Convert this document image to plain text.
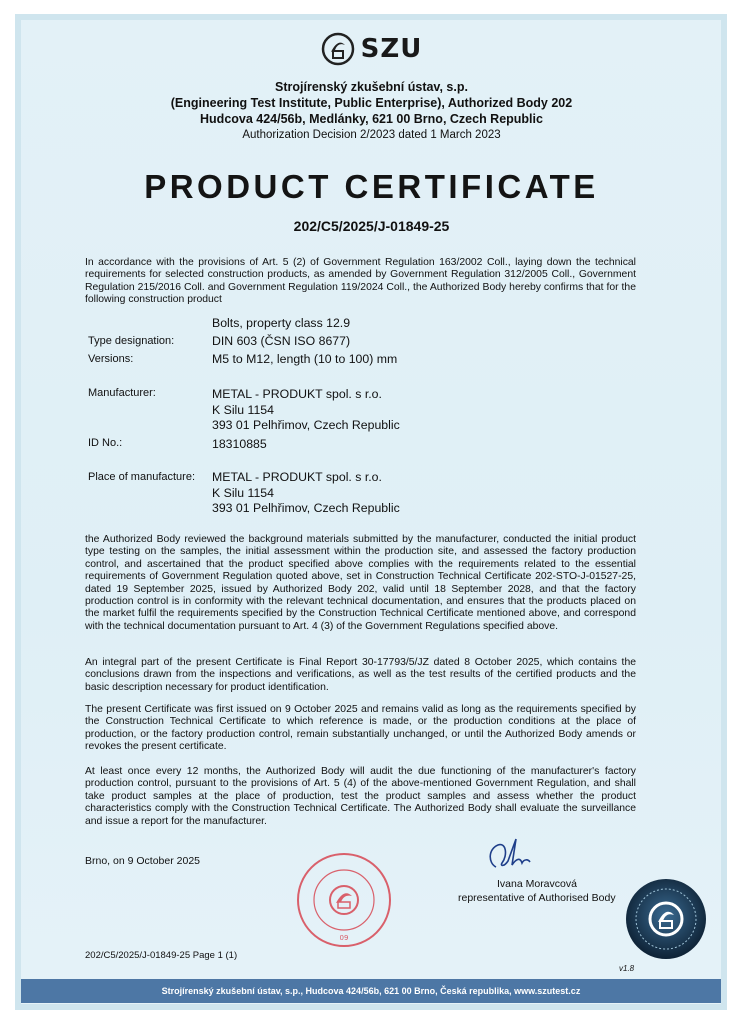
SZU
Strojírenský zkušební ústav, s.p.
(Engineering Test Institute, Public Enterprise), Authorized Body 202
Hudcova 424/56b, Medlánky, 621 00 Brno, Czech Republic
Authorization Decision 2/2023 dated 1 March 2023
PRODUCT CERTIFICATE
202/C5/2025/J-01849-25
In accordance with the provisions of Art. 5 (2) of Government Regulation 163/2002 Coll., laying down the technical requirements for selected construction products, as amended by Government Regulation 312/2005 Coll., Government Regulation 215/2016 Coll. and Government Regulation 119/2024 Coll., the Authorized Body hereby confirms that for the following construction product
Bolts, property class 12.9
Type designation:	DIN 603 (ČSN ISO 8677)
Versions:	M5 to M12, length (10 to 100) mm
Manufacturer:	METAL - PRODUKT spol. s r.o.
K Silu 1154
393 01 Pelhřimov, Czech Republic
ID No.:	18310885
Place of manufacture: METAL - PRODUKT spol. s r.o.
K Silu 1154
393 01 Pelhřimov, Czech Republic
the Authorized Body reviewed the background materials submitted by the manufacturer, conducted the initial product type testing on the samples, the initial assessment within the production site, and assessed the factory production control, and ascertained that the product specified above complies with the requirements related to the essential requirements of Government Regulation quoted above, set in Construction Technical Certificate 202-STO-J-01527-25, dated 19 September 2025, issued by Authorized Body 202, valid until 18 September 2028, and that the factory production control is in conformity with the relevant technical documentation, and ensures that the products placed on the market fulfil the requirements specified by the Construction Technical Certificate mentioned above, and correspond with the technical documentation pursuant to Art. 4 (3) of the Government Regulations specified above.
An integral part of the present Certificate is Final Report 30-17793/5/JZ dated 8 October 2025, which contains the conclusions drawn from the inspections and verifications, as well as the test results of the certified products and the basic description necessary for product identification.
The present Certificate was first issued on 9 October 2025 and remains valid as long as the requirements specified by the Construction Technical Certificate to which reference is made, or the production conditions at the place of production, or the factory production control, remain substantially unchanged, or until the Authorized Body amends or revokes the present certificate.
At least once every 12 months, the Authorized Body will audit the due functioning of the manufacturer's factory production control, pursuant to the provisions of Art. 5 (4) of the above-mentioned Government Regulation, and shall take product samples at the place of production, test the product samples and assess whether the product characteristics comply with the Construction Technical Certificate. The Authorized Body shall evaluate the surveillance and issue a report for the manufacturer.
Brno, on 9 October 2025
Ivana Moravcová
representative of Authorised Body
09
202/C5/2025/J-01849-25 Page 1 (1)
v1.8
Strojírenský zkušební ústav, s.p., Hudcova 424/56b, 621 00 Brno, Česká republika, www.szutest.cz
